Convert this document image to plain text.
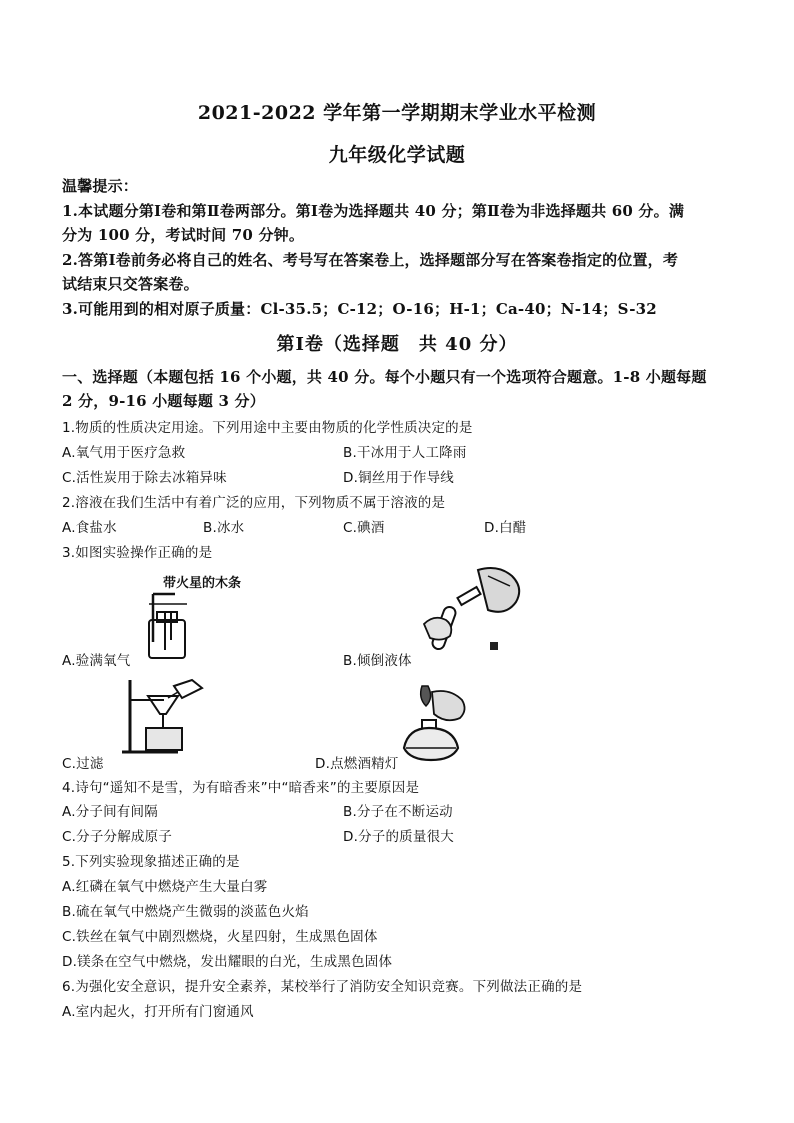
2021-2022 学年第一学期期末学业水平检测
九年级化学试题
温馨提示：
1.本试题分第Ⅰ卷和第Ⅱ卷两部分。第Ⅰ卷为选择题共 40 分；第Ⅱ卷为非选择题共 60 分。满
分为 100 分，考试时间 70 分钟。
2.答第Ⅰ卷前务必将自己的姓名、考号写在答案卷上，选择题部分写在答案卷指定的位置，考
试结束只交答案卷。
3.可能用到的相对原子质量：Cl-35.5；C-12；O-16；H-1；Ca-40；N-14；S-32
第Ⅰ卷（选择题　共 40 分）
一、选择题（本题包括 16 个小题，共 40 分。每个小题只有一个选项符合题意。1-8 小题每题
2 分，9-16 小题每题 3 分）
1.物质的性质决定用途。下列用途中主要由物质的化学性质决定的是
A.氧气用于医疗急救	B.干冰用于人工降雨
C.活性炭用于除去冰箱异味	D.铜丝用于作导线
2.溶液在我们生活中有着广泛的应用，下列物质不属于溶液的是
A.食盐水	B.冰水	C.碘酒	D.白醋
3.如图实验操作正确的是
带火星的木条
A.验满氧气	B.倾倒液体
C.过滤	D.点燃酒精灯
4.诗句“遥知不是雪，为有暗香来”中“暗香来”的主要原因是
A.分子间有间隔	B.分子在不断运动
C.分子分解成原子	D.分子的质量很大
5.下列实验现象描述正确的是
A.红磷在氧气中燃烧产生大量白雾
B.硫在氧气中燃烧产生微弱的淡蓝色火焰
C.铁丝在氧气中剧烈燃烧，火星四射，生成黑色固体
D.镁条在空气中燃烧，发出耀眼的白光，生成黑色固体
6.为强化安全意识，提升安全素养，某校举行了消防安全知识竞赛。下列做法正确的是
A.室内起火，打开所有门窗通风
